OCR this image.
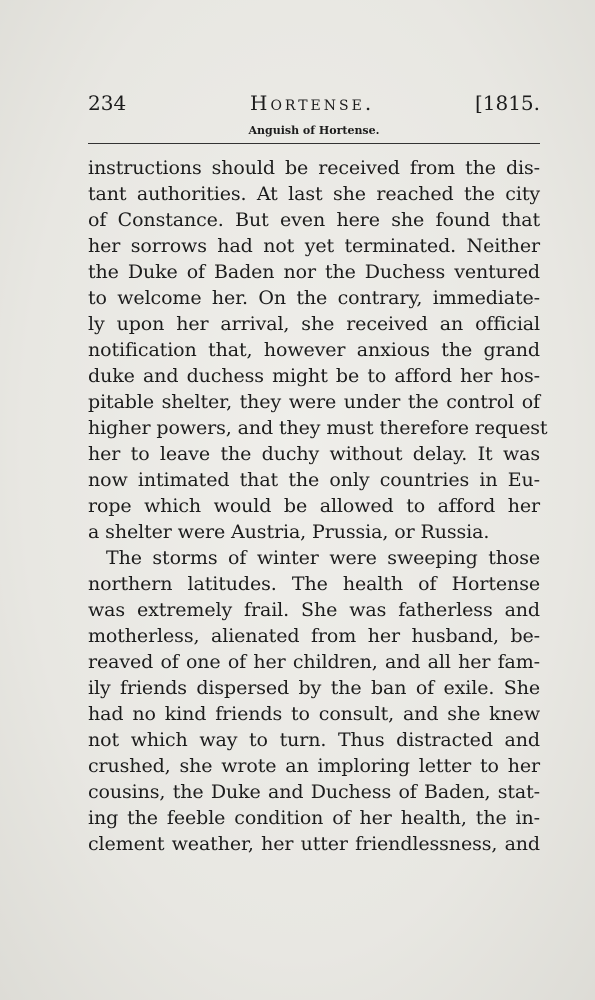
234	Hortense.	[1815.
Anguish of Hortense.
instructions should be received from the dis-
tant authorities. At last she reached the city
of Constance. But even here she found that
her sorrows had not yet terminated. Neither
the Duke of Baden nor the Duchess ventured
to welcome her. On the contrary, immediate-
ly upon her arrival, she received an official
notification that, however anxious the grand
duke and duchess might be to afford her hos-
pitable shelter, they were under the control of
higher powers, and they must therefore request
her to leave the duchy without delay. It was
now intimated that the only countries in Eu-
rope which would be allowed to afford her
a shelter were Austria, Prussia, or Russia.
The storms of winter were sweeping those
northern latitudes. The health of Hortense
was extremely frail. She was fatherless and
motherless, alienated from her husband, be-
reaved of one of her children, and all her fam-
ily friends dispersed by the ban of exile. She
had no kind friends to consult, and she knew
not which way to turn. Thus distracted and
crushed, she wrote an imploring letter to her
cousins, the Duke and Duchess of Baden, stat-
ing the feeble condition of her health, the in-
clement weather, her utter friendlessness, and
